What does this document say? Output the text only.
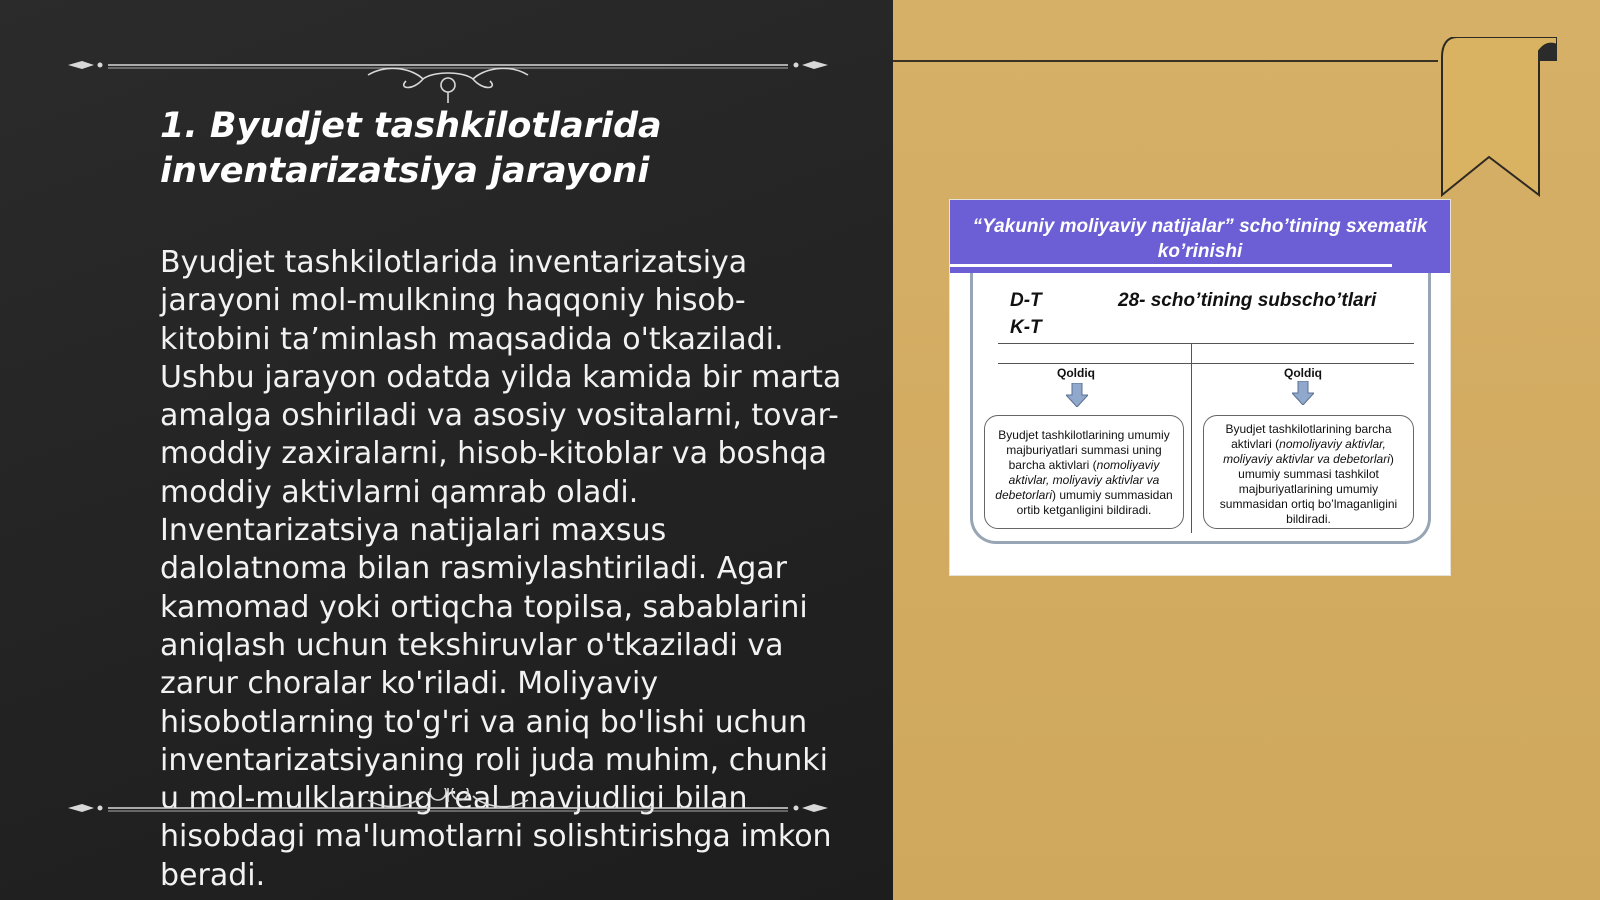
1. Byudjet tashkilotlarida inventarizatsiya jarayoni

Byudjet tashkilotlarida inventarizatsiya jarayoni mol-mulkning haqqoniy hisob-kitobini ta’minlash maqsadida o'tkaziladi. Ushbu jarayon odatda yilda kamida bir marta amalga oshiriladi va asosiy vositalarni, tovar-moddiy zaxiralarni, hisob-kitoblar va boshqa moddiy aktivlarni qamrab oladi. Inventarizatsiya natijalari maxsus dalolatnoma bilan rasmiylashtiriladi. Agar kamomad yoki ortiqcha topilsa, sabablarini aniqlash uchun tekshiruvlar o'tkaziladi va zarur choralar ko'riladi. Moliyaviy hisobotlarning to'g'ri va aniq bo'lishi uchun inventarizatsiyaning roli juda muhim, chunki u mol-mulklarning real mavjudligi bilan hisobdagi ma'lumotlarni solishtirishga imkon beradi.

“Yakuniy moliyaviy natijalar” scho’tining sxematik ko’rinishi
D-T
K-T
28- scho’tining subscho’tlari
Qoldiq
Byudjet tashkilotlarining umumiy majburiyatlari summasi uning barcha aktivlari (nomoliyaviy aktivlar, moliyaviy aktivlar va debetorlari) umumiy summasidan ortib ketganligini bildiradi.
Qoldiq
Byudjet tashkilotlarining barcha aktivlari (nomoliyaviy aktivlar, moliyaviy aktivlar va debetorlari) umumiy summasi tashkilot majburiyatlarining umumiy summasidan ortiq bo’lmaganligini bildiradi.
